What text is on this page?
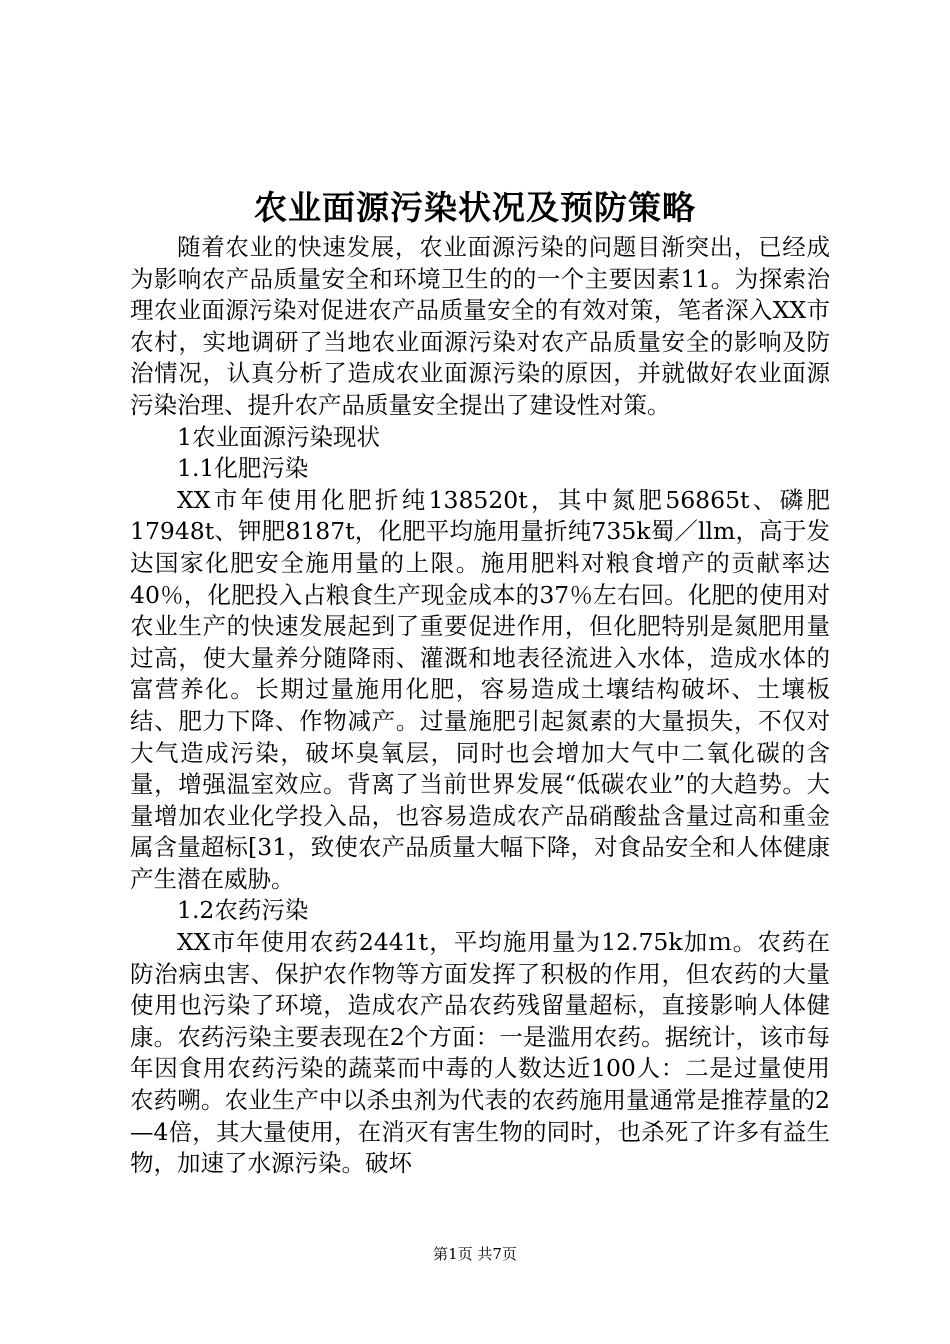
农业面源污染状况及预防策略

随着农业的快速发展，农业面源污染的问题目渐突出，已经成为影响农产品质量安全和环境卫生的的一个主要因素11。为探索治理农业面源污染对促进农产品质量安全的有效对策，笔者深入XX市农村，实地调研了当地农业面源污染对农产品质量安全的影响及防治情况，认真分析了造成农业面源污染的原因，并就做好农业面源污染治理、提升农产品质量安全提出了建设性对策。

1农业面源污染现状

1.1化肥污染

XX市年使用化肥折纯138520t，其中氮肥56865t、磷肥17948t、钾肥8187t，化肥平均施用量折纯735k蜀／llm，高于发达国家化肥安全施用量的上限。施用肥料对粮食增产的贡献率达40％，化肥投入占粮食生产现金成本的37％左右回。化肥的使用对农业生产的快速发展起到了重要促进作用，但化肥特别是氮肥用量过高，使大量养分随降雨、灌溉和地表径流进入水体，造成水体的富营养化。长期过量施用化肥，容易造成土壤结构破坏、土壤板结、肥力下降、作物减产。过量施肥引起氮素的大量损失，不仅对大气造成污染，破坏臭氧层，同时也会增加大气中二氧化碳的含量，增强温室效应。背离了当前世界发展“低碳农业”的大趋势。大量增加农业化学投入品，也容易造成农产品硝酸盐含量过高和重金属含量超标[31，致使农产品质量大幅下降，对食品安全和人体健康产生潜在威胁。

1.2农药污染

XX市年使用农药2441t，平均施用量为12.75k加ｍ。农药在防治病虫害、保护农作物等方面发挥了积极的作用，但农药的大量使用也污染了环境，造成农产品农药残留量超标，直接影响人体健康。农药污染主要表现在2个方面：一是滥用农药。据统计，该市每年因食用农药污染的蔬菜而中毒的人数达近100人：二是过量使用农药嗍。农业生产中以杀虫剂为代表的农药施用量通常是推荐量的2—4倍，其大量使用，在消灭有害生物的同时，也杀死了许多有益生物，加速了水源污染。破坏

第1页 共7页
